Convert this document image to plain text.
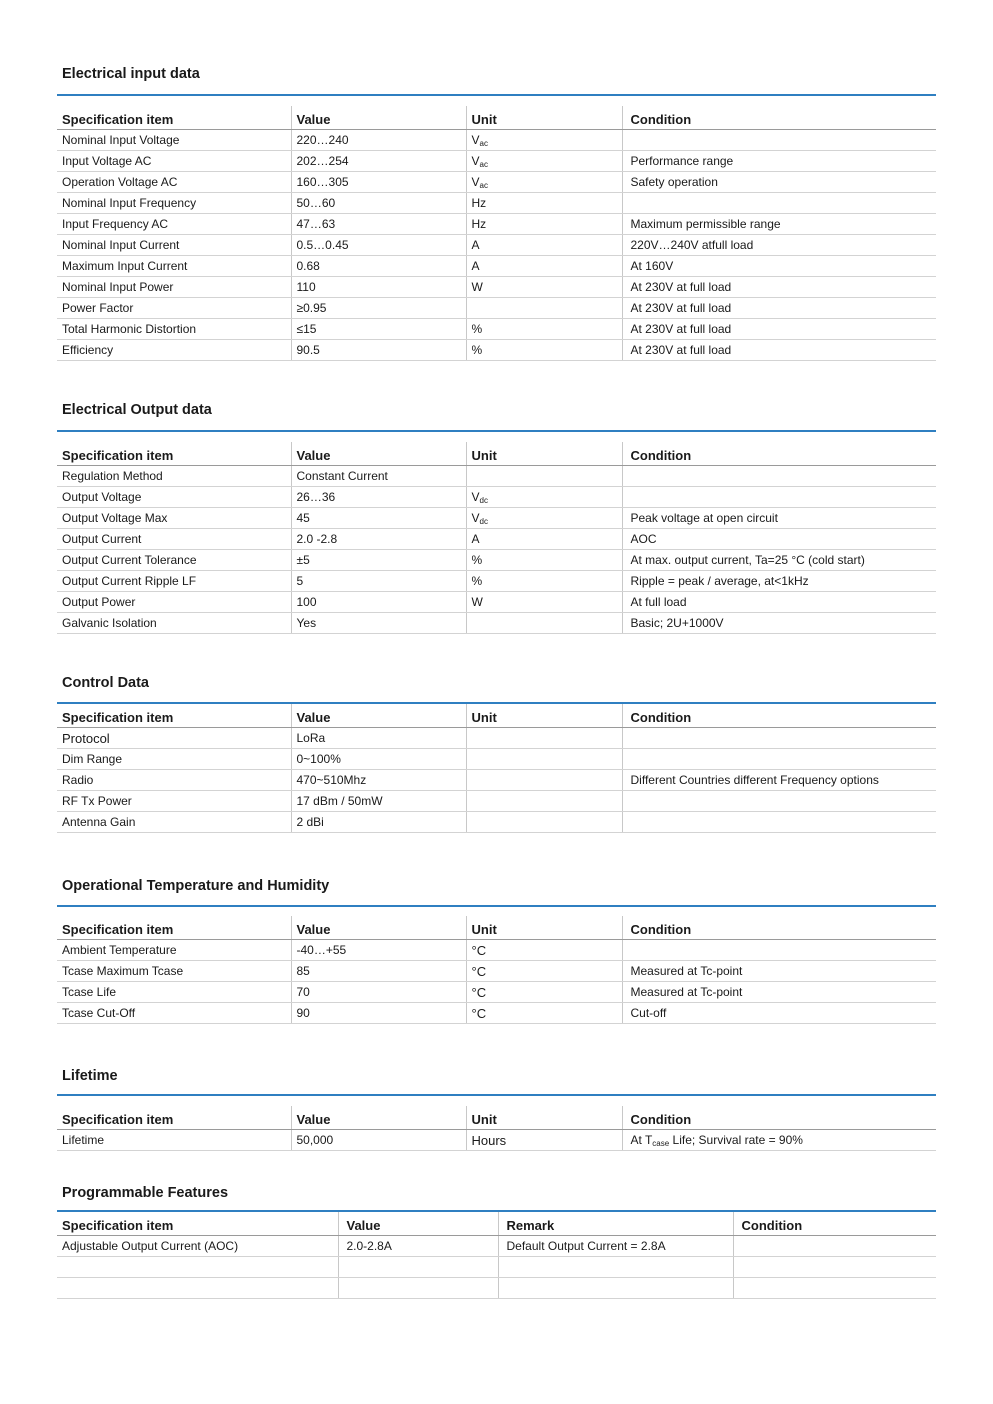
Electrical input data
Specification item	Value	Unit	Condition
Nominal Input Voltage	220…240	$V_{ac}$	
Input Voltage AC	202…254	$V_{ac}$	Performance range
Operation Voltage AC	160…305	$V_{ac}$	Safety operation
Nominal Input Frequency	50…60	Hz	
Input Frequency AC	47…63	Hz	Maximum permissible range
Nominal Input Current	0.5…0.45	A	220V…240V atfull load
Maximum Input Current	0.68	A	At 160V
Nominal Input Power	110	W	At 230V at full load
Power Factor	≥0.95		At 230V at full load
Total Harmonic Distortion	≤15	%	At 230V at full load
Efficiency	90.5	%	At 230V at full load
Electrical Output data
Specification item	Value	Unit	Condition
Regulation Method	Constant Current		
Output Voltage	26…36	$V_{dc}$	
Output Voltage Max	45	$V_{dc}$	Peak voltage at open circuit
Output Current	2.0 -2.8	A	AOC
Output Current Tolerance	±5	%	At max. output current, Ta=25 °C (cold start)
Output Current Ripple LF	5	%	Ripple = peak / average, at<1kHz
Output Power	100	W	At full load
Galvanic Isolation	Yes		Basic; 2U+1000V
Control Data
Specification item	Value	Unit	Condition
Protocol	LoRa		
Dim Range	0~100%		
Radio	470~510Mhz		Different Countries different Frequency options
RF Tx Power	17 dBm / 50mW		
Antenna Gain	2 dBi		
Operational Temperature and Humidity
Specification item	Value	Unit	Condition
Ambient Temperature	-40…+55	°C	
Tcase Maximum Tcase	85	°C	Measured at Tc-point
Tcase Life	70	°C	Measured at Tc-point
Tcase Cut-Off	90	°C	Cut-off
Lifetime
Specification item	Value	Unit	Condition
Lifetime	50,000	Hours	At $T_{case}$ Life; Survival rate = 90%
Programmable Features
Specification item	Value	Remark	Condition
Adjustable Output Current (AOC)	2.0-2.8A	Default Output Current = 2.8A	
